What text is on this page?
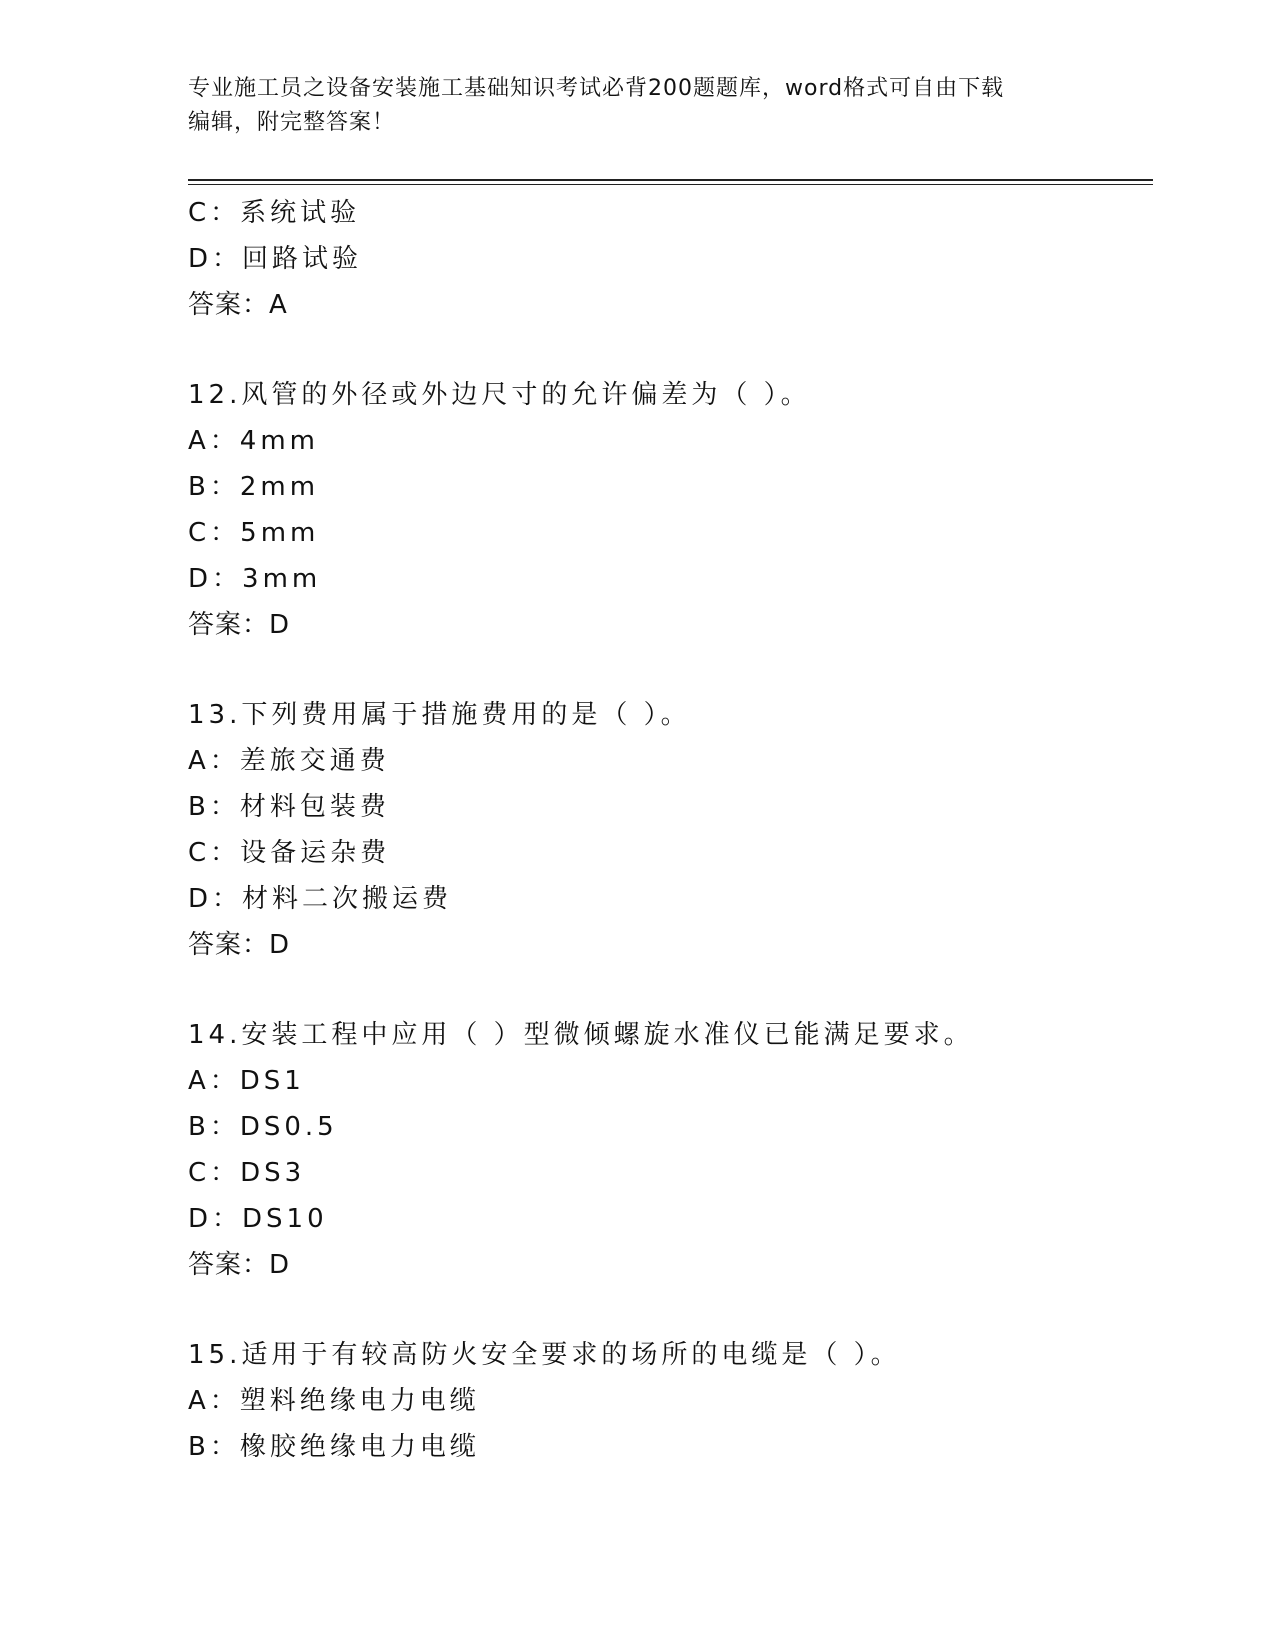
专业施工员之设备安装施工基础知识考试必背200题题库，word格式可自由下载
编辑，附完整答案！
C：系统试验
D：回路试验
答案：A
12.风管的外径或外边尺寸的允许偏差为（ ）。
A：4mm
B：2mm
C：5mm
D：3mm
答案：D
13.下列费用属于措施费用的是（ ）。
A：差旅交通费
B：材料包装费
C：设备运杂费
D：材料二次搬运费
答案：D
14.安装工程中应用（ ）型微倾螺旋水准仪已能满足要求。
A：DS1
B：DS0.5
C：DS3
D：DS10
答案：D
15.适用于有较高防火安全要求的场所的电缆是（ ）。
A：塑料绝缘电力电缆
B：橡胶绝缘电力电缆
